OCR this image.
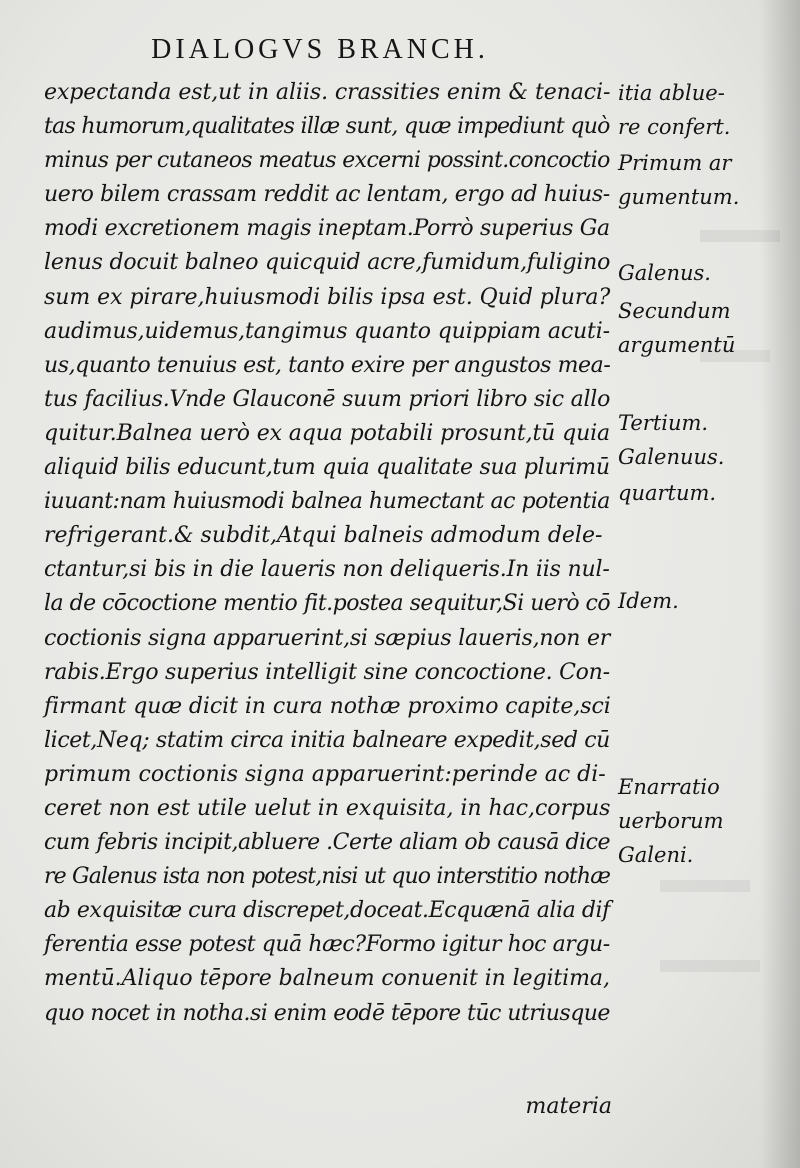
DIALOGVS BRANCH.
expectanda est,ut in aliis. crassities enim & tenaci-
tas humorum,qualitates illæ sunt, quæ impediunt quò
minus per cutaneos meatus excerni possint.concoctio
uero bilem crassam reddit ac lentam, ergo ad huius-
modi excretionem magis ineptam.Porrò superius Ga
lenus docuit balneo quicquid acre,fumidum,fuligino
sum ex pirare,huiusmodi bilis ipsa est. Quid plura?
audimus,uidemus,tangimus quanto quippiam acuti-
us,quanto tenuius est, tanto exire per angustos mea-
tus facilius.Vnde Glauconē suum priori libro sic allo
quitur.Balnea uerò ex aqua potabili prosunt,tū quia
aliquid bilis educunt,tum quia qualitate sua plurimū
iuuant:nam huiusmodi balnea humectant ac potentia
refrigerant.& subdit,Atqui balneis admodum dele-
ctantur,si bis in die laueris non deliqueris.In iis nul-
la de cōcoctione mentio fit.postea sequitur,Si uerò cō
coctionis signa apparuerint,si sæpius laueris,non er
rabis.Ergo superius intelligit sine concoctione. Con-
firmant quæ dicit in cura nothæ proximo capite,sci
licet,Neq; statim circa initia balneare expedit,sed cū
primum coctionis signa apparuerint:perinde ac di-
ceret non est utile uelut in exquisita, in hac,corpus
cum febris incipit,abluere .Certe aliam ob causā dice
re Galenus ista non potest,nisi ut quo interstitio nothæ
ab exquisitæ cura discrepet,doceat.Ecquænā alia dif
ferentia esse potest quā hæc?Formo igitur hoc argu-
mentū.Aliquo tēpore balneum conuenit in legitima,
quo nocet in notha.si enim eodē tēpore tūc utriusque
materia
itia ablue-
re confert.
Primum ar
gumentum.
Galenus.
Secundum
argumentū
Tertium.
Galenuus.
quartum.
Idem.
Enarratio
uerborum
Galeni.
